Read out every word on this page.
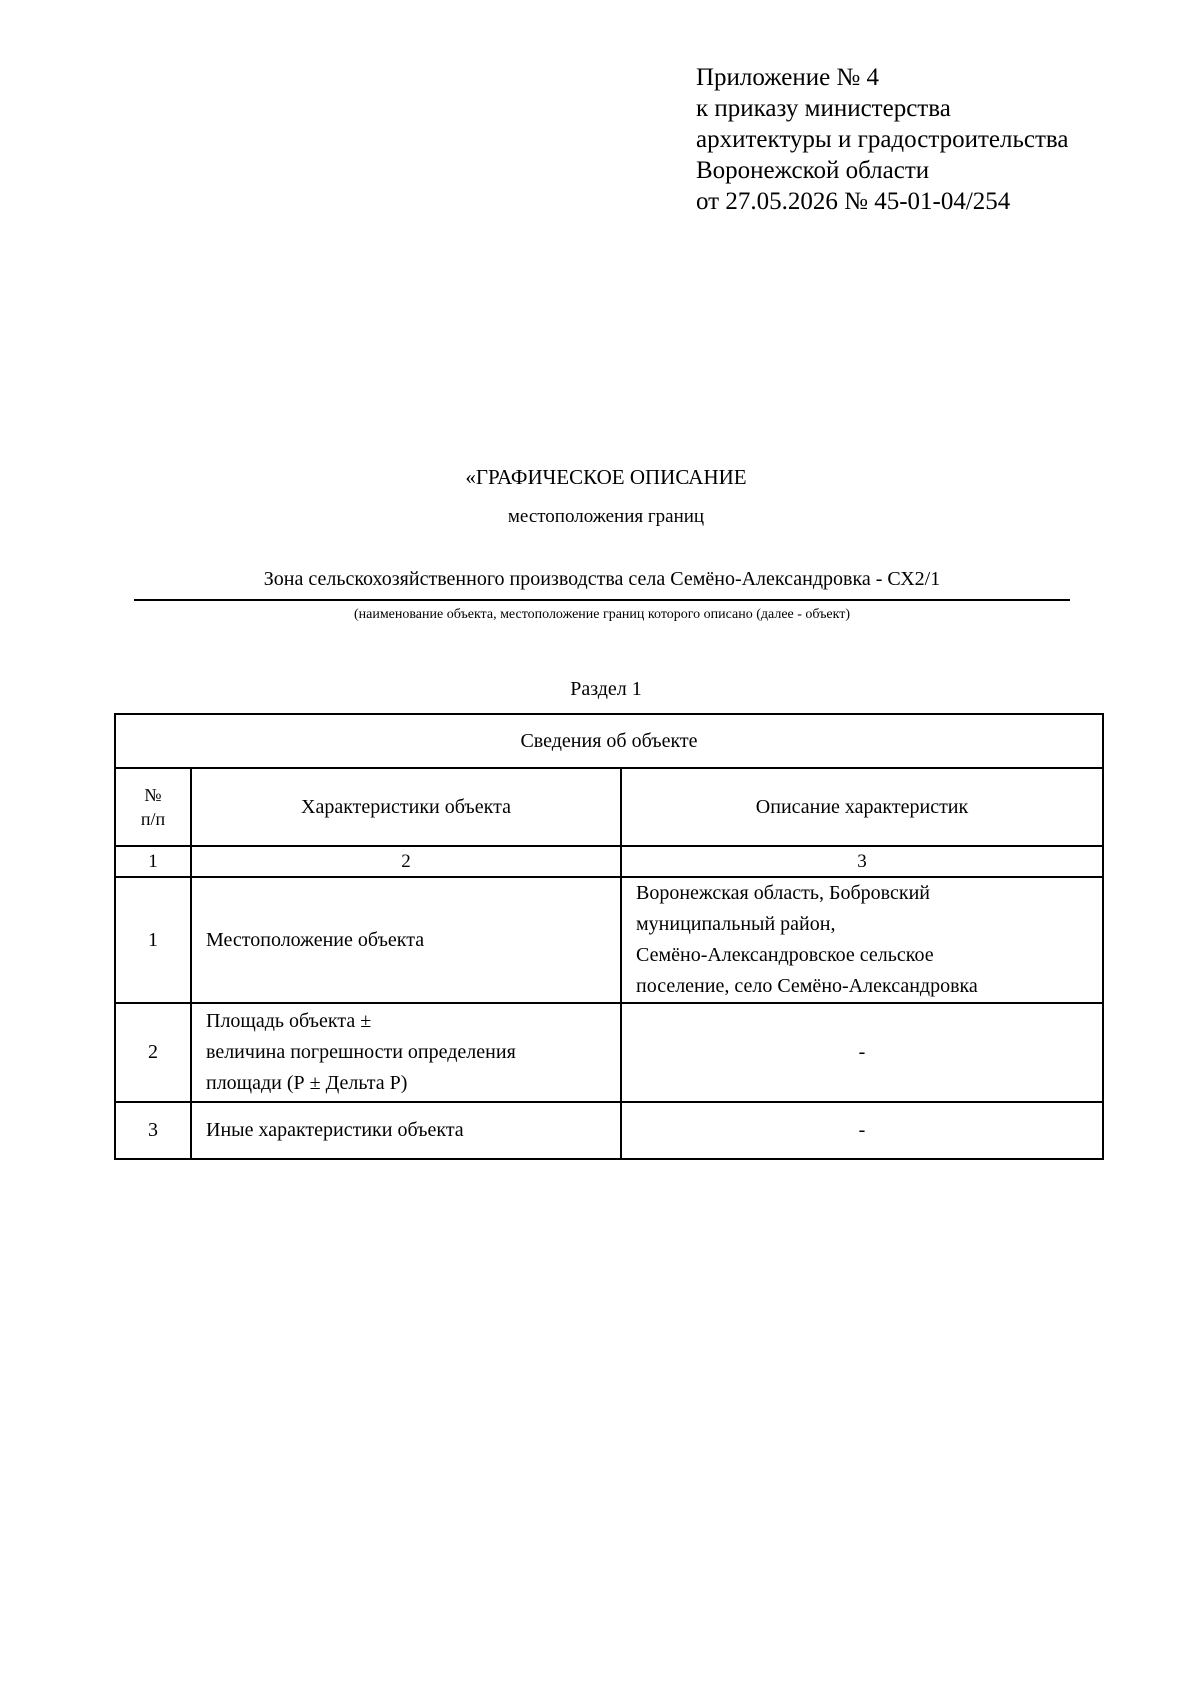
Приложение № 4
к приказу министерства
архитектуры и градостроительства
Воронежской области
от 27.05.2026 № 45-01-04/254
«ГРАФИЧЕСКОЕ ОПИСАНИЕ
местоположения границ
Зона сельскохозяйственного производства села Семёно-Александровка - СХ2/1
(наименование объекта, местоположение границ которого описано (далее - объект)
Раздел 1
Сведения об объекте		

№
п/п	Характеристики объекта	Описание характеристик
1	2	3
1	Местоположение объекта	Воронежская область, Бобровский
муниципальный район,
Семёно-Александровское сельское
поселение, село Семёно-Александровка

2	Площадь объекта ±
величина погрешности определения
площади (Р ± Дельта Р)	-

3	Иные характеристики объекта	-
